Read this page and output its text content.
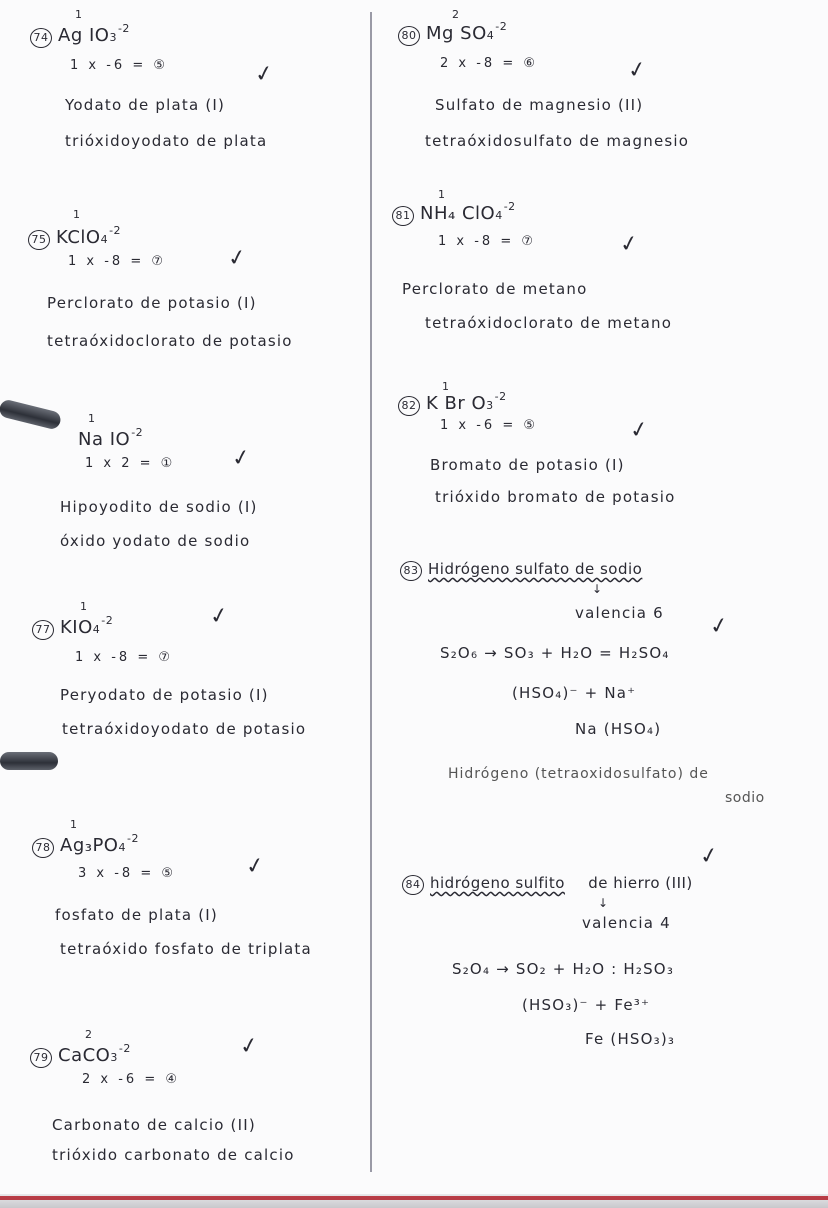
1
74 Ag $IO3^{-2}$
1 x -6 = ⑤	✓
Yodato de plata (I)
trióxidoyodato de plata
1
75 $KClO4^{-2}$
1 x -8 = ⑦	✓
Perclorato de potasio (I)
tetraóxidoclorato de potasio
1
Na $IO^{-2}$
1 x 2 = ① ✓
Hipoyodito de sodio (I)
óxido yodato de sodio
1
77 $KIO4^{-2}$
1 x -8 = ⑦
✓
Peryodato de potasio (I)
tetraóxidoyodato de potasio
1
78 $Ag_3PO4^{-2}$
3 x -8 = ⑤	✓
fosfato de plata (I)
tetraóxido fosfato de triplata
2
79 $CaCO3^{-2}$
2 x -6 = ④
✓
Carbonato de calcio (II)
trióxido carbonato de calcio
2
80 Mg $SO4^{-2}$
2 x -8 = ⑥	✓
Sulfato de magnesio (II)
tetraóxidosulfato de magnesio
1
81 NH₄ $ClO4^{-2}$
1 x -8 = ⑦	✓
Perclorato de metano
tetraóxidoclorato de metano
1
82 K Br $O3^{-2}$
1 x -6 = ⑤	✓
Bromato de potasio (I)
trióxido bromato de potasio
83 Hidrógeno sulfato de sodio
↓
valencia 6 ✓
S₂O₆ → SO₃ + H₂O = H₂SO₄
(HSO₄)⁻ + Na⁺
Na (HSO₄)
Hidrógeno (tetraoxidosulfato) de
sodio
✓
84 hidrógeno sulfito de hierro (III)
↓
valencia 4
S₂O₄ → SO₂ + H₂O : H₂SO₃
(HSO₃)⁻ + Fe³⁺
Fe (HSO₃)₃
